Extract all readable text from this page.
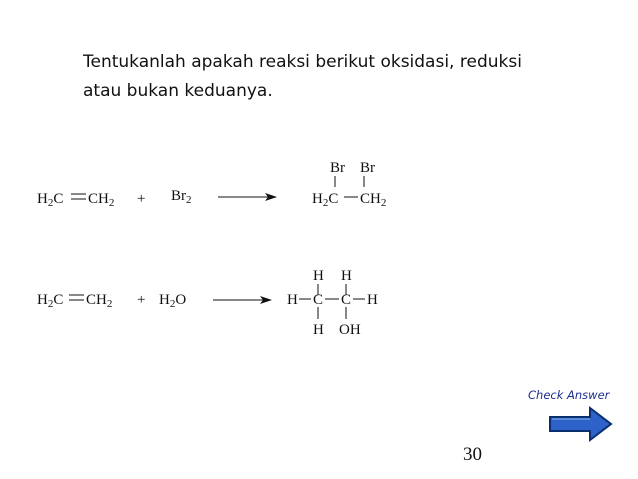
Tentukanlah apakah reaksi berikut oksidasi, reduksi
atau bukan keduanya.
$H_2C$ $CH_2 + Br_2$
Br Br
$H_2C$ $CH_2$
$H_2C$ $CH_2 + H_2O$
H H
H C C H
H OH
Check Answer
30
